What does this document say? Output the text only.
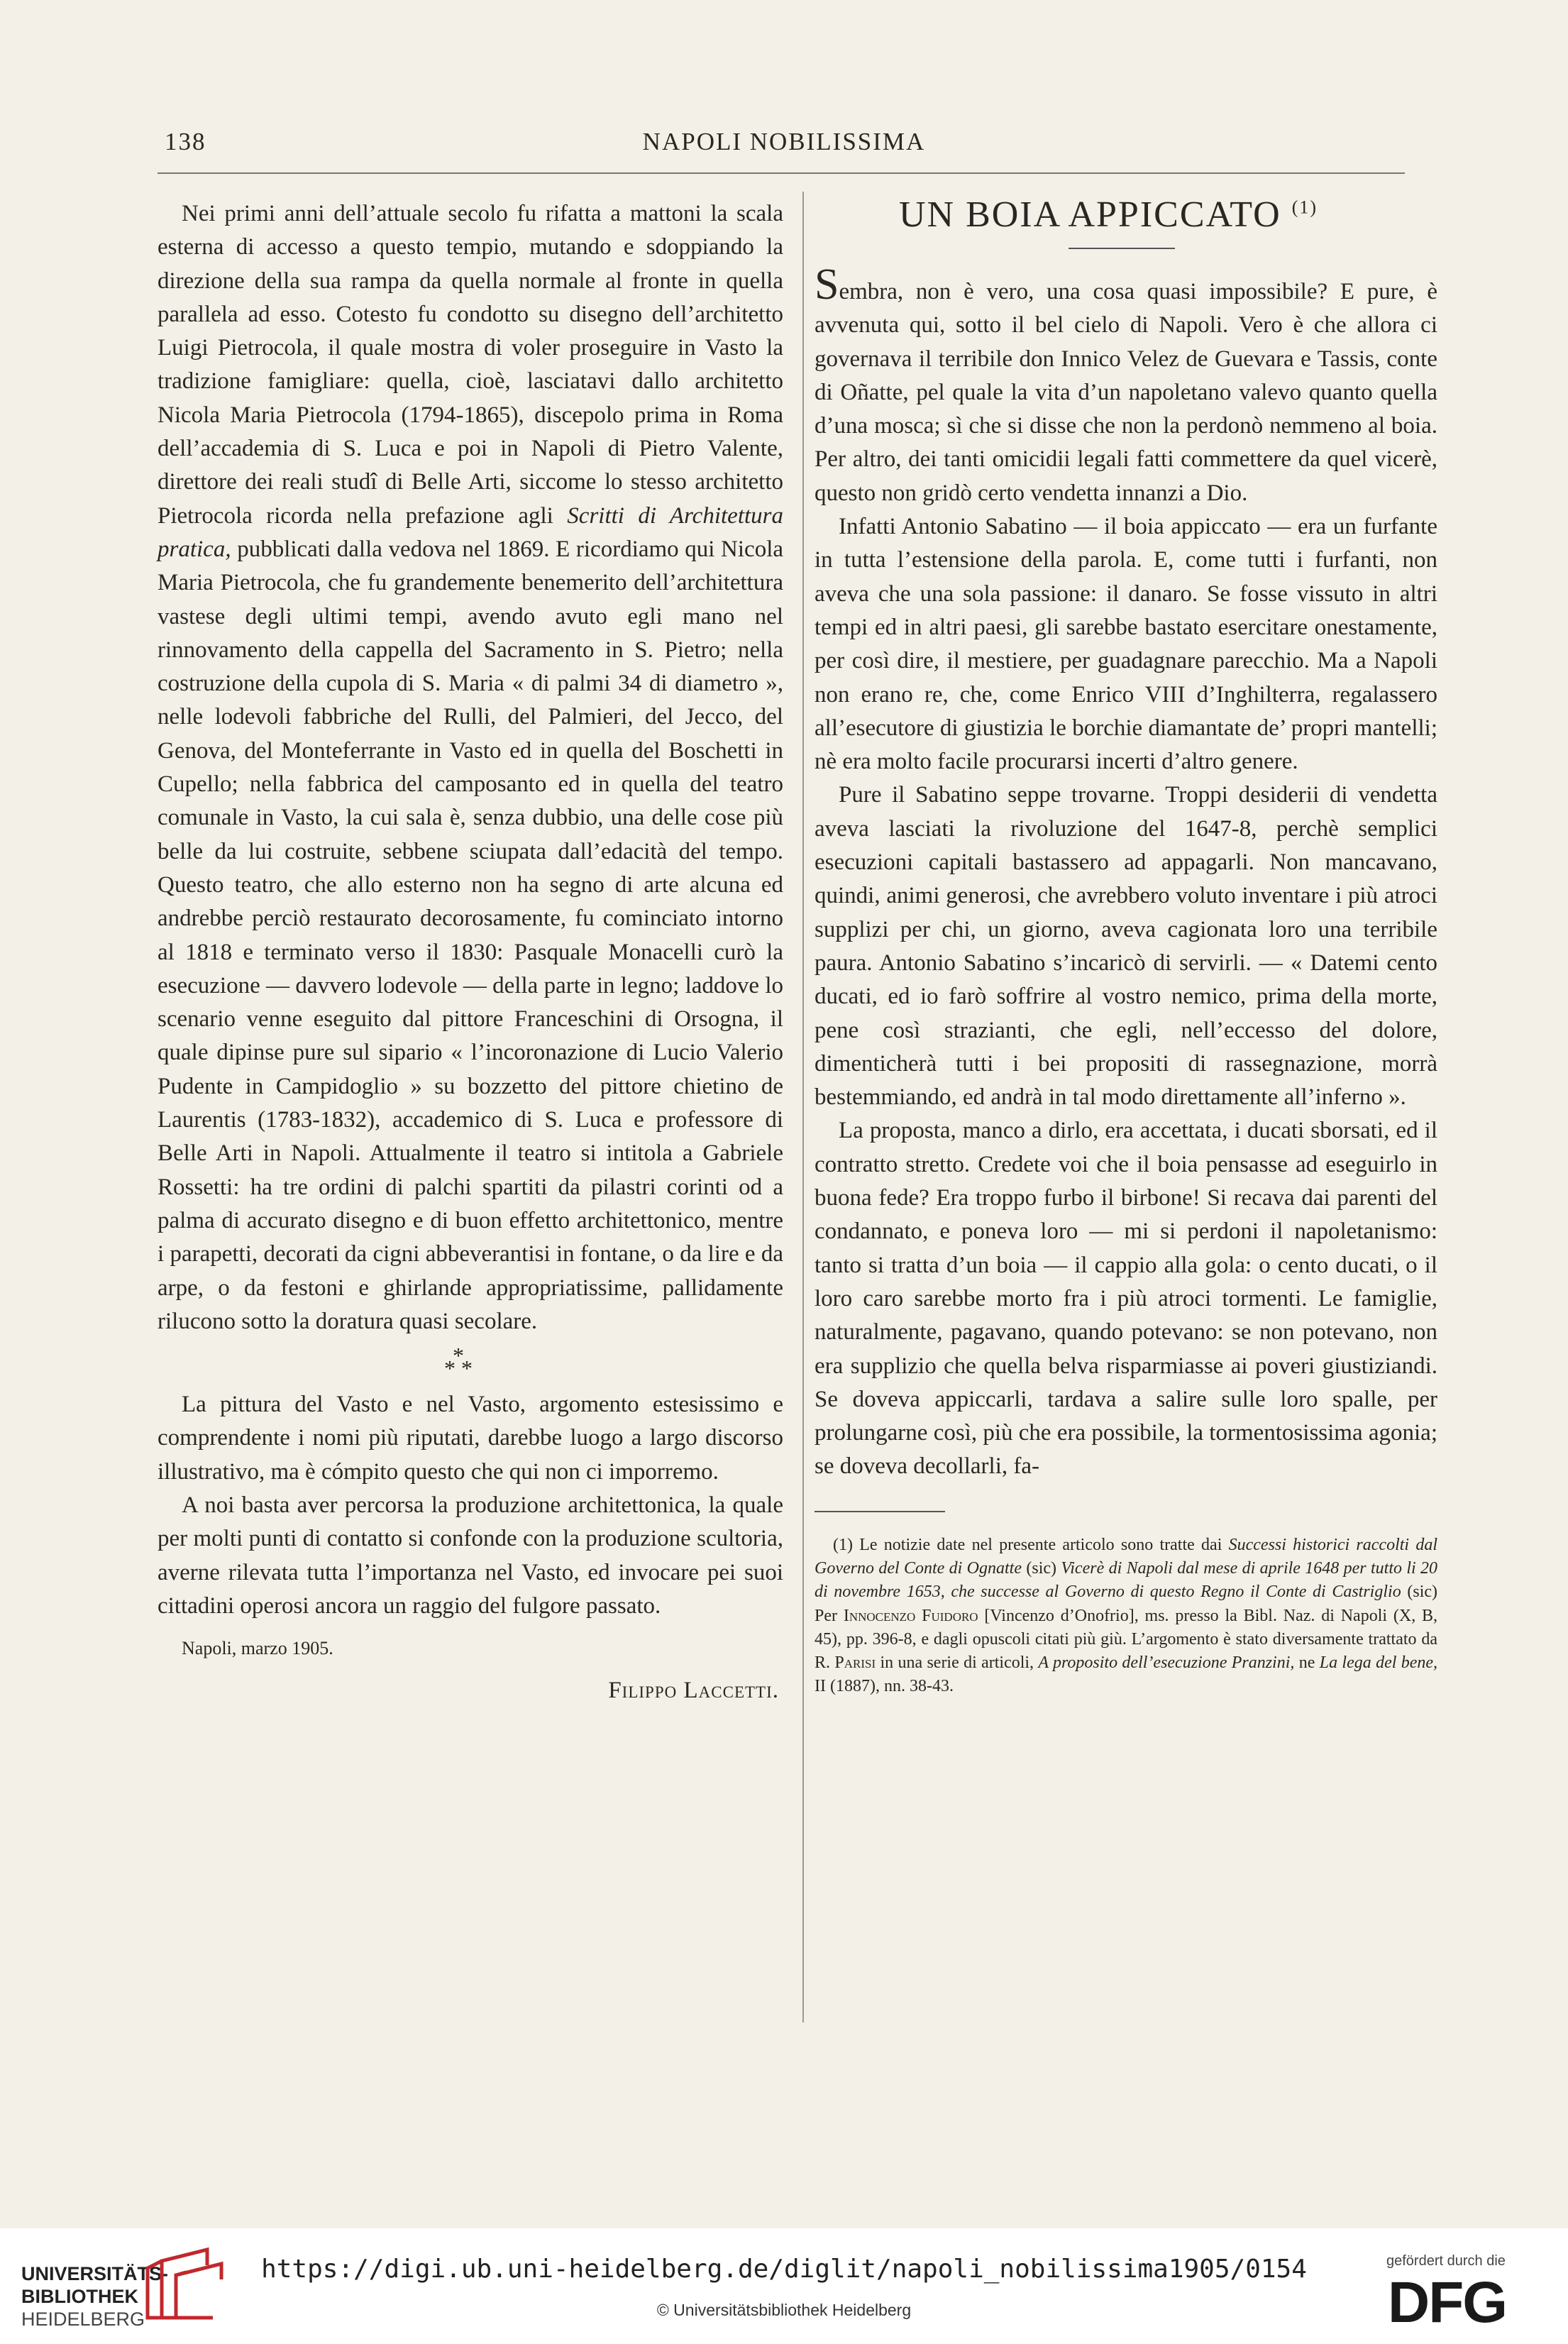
138	NAPOLI NOBILISSIMA

Nei primi anni dell’attuale secolo fu rifatta a mattoni la scala esterna di accesso a questo tempio, mutando e sdoppiando la direzione della sua rampa da quella normale al fronte in quella parallela ad esso. Cotesto fu condotto su disegno dell’architetto Luigi Pietrocola, il quale mostra di voler proseguire in Vasto la tradizione famigliare: quella, cioè, lasciatavi dallo architetto Nicola Maria Pietrocola (1794-1865), discepolo prima in Roma dell’accademia di S. Luca e poi in Napoli di Pietro Valente, direttore dei reali studî di Belle Arti, siccome lo stesso architetto Pietrocola ricorda nella prefazione agli Scritti di Architettura pratica, pubblicati dalla vedova nel 1869. E ricordiamo qui Nicola Maria Pietrocola, che fu grandemente benemerito dell’architettura vastese degli ultimi tempi, avendo avuto egli mano nel rinnovamento della cappella del Sacramento in S. Pietro; nella costruzione della cupola di S. Maria « di palmi 34 di diametro », nelle lodevoli fabbriche del Rulli, del Palmieri, del Jecco, del Genova, del Monteferrante in Vasto ed in quella del Boschetti in Cupello; nella fabbrica del camposanto ed in quella del teatro comunale in Vasto, la cui sala è, senza dubbio, una delle cose più belle da lui costruite, sebbene sciupata dall’edacità del tempo. Questo teatro, che allo esterno non ha segno di arte alcuna ed andrebbe perciò restaurato decorosamente, fu cominciato intorno al 1818 e terminato verso il 1830: Pasquale Monacelli curò la esecuzione — davvero lodevole — della parte in legno; laddove lo scenario venne eseguito dal pittore Franceschini di Orsogna, il quale dipinse pure sul sipario « l’incoronazione di Lucio Valerio Pudente in Campidoglio » su bozzetto del pittore chietino de Laurentis (1783-1832), accademico di S. Luca e professore di Belle Arti in Napoli. Attualmente il teatro si intitola a Gabriele Rossetti: ha tre ordini di palchi spartiti da pilastri corinti od a palma di accurato disegno e di buon effetto architettonico, mentre i parapetti, decorati da cigni abbeverantisi in fontane, o da lire e da arpe, o da festoni e ghirlande appropriatissime, pallidamente rilucono sotto la doratura quasi secolare.

*
* *

La pittura del Vasto e nel Vasto, argomento estesissimo e comprendente i nomi più riputati, darebbe luogo a largo discorso illustrativo, ma è cómpito questo che qui non ci imporremo.

A noi basta aver percorsa la produzione architettonica, la quale per molti punti di contatto si confonde con la produzione scultoria, averne rilevata tutta l’importanza nel Vasto, ed invocare pei suoi cittadini operosi ancora un raggio del fulgore passato.

Napoli, marzo 1905.
Filippo Laccetti.
UN BOIA APPICCATO $^{(1)}$

Sembra, non è vero, una cosa quasi impossibile? E pure, è avvenuta qui, sotto il bel cielo di Napoli. Vero è che allora ci governava il terribile don Innico Velez de Guevara e Tassis, conte di Oñatte, pel quale la vita d’un napoletano valevo quanto quella d’una mosca; sì che si disse che non la perdonò nemmeno al boia. Per altro, dei tanti omicidii legali fatti commettere da quel vicerè, questo non gridò certo vendetta innanzi a Dio.

Infatti Antonio Sabatino — il boia appiccato — era un furfante in tutta l’estensione della parola. E, come tutti i furfanti, non aveva che una sola passione: il danaro. Se fosse vissuto in altri tempi ed in altri paesi, gli sarebbe bastato esercitare onestamente, per così dire, il mestiere, per guadagnare parecchio. Ma a Napoli non erano re, che, come Enrico VIII d’Inghilterra, regalassero all’esecutore di giustizia le borchie diamantate de’ propri mantelli; nè era molto facile procurarsi incerti d’altro genere.

Pure il Sabatino seppe trovarne. Troppi desiderii di vendetta aveva lasciati la rivoluzione del 1647-8, perchè semplici esecuzioni capitali bastassero ad appagarli. Non mancavano, quindi, animi generosi, che avrebbero voluto inventare i più atroci supplizi per chi, un giorno, aveva cagionata loro una terribile paura. Antonio Sabatino s’incaricò di servirli. — « Datemi cento ducati, ed io farò soffrire al vostro nemico, prima della morte, pene così strazianti, che egli, nell’eccesso del dolore, dimenticherà tutti i bei propositi di rassegnazione, morrà bestemmiando, ed andrà in tal modo direttamente all’inferno ».

La proposta, manco a dirlo, era accettata, i ducati sborsati, ed il contratto stretto. Credete voi che il boia pensasse ad eseguirlo in buona fede? Era troppo furbo il birbone! Si recava dai parenti del condannato, e poneva loro — mi si perdoni il napoletanismo: tanto si tratta d’un boia — il cappio alla gola: o cento ducati, o il loro caro sarebbe morto fra i più atroci tormenti. Le famiglie, naturalmente, pagavano, quando potevano: se non potevano, non era supplizio che quella belva risparmiasse ai poveri giustiziandi. Se doveva appiccarli, tardava a salire sulle loro spalle, per prolungarne così, più che era possibile, la tormentosissima agonia; se doveva decollarli, fa-

(1) Le notizie date nel presente articolo sono tratte dai Successi historici raccolti dal Governo del Conte di Ognatte (sic) Vicerè di Napoli dal mese di aprile 1648 per tutto li 20 di novembre 1653, che successe al Governo di questo Regno il Conte di Castriglio (sic) Per Innocenzo Fuidoro [Vincenzo d’Onofrio], ms. presso la Bibl. Naz. di Napoli (X, B, 45), pp. 396-8, e dagli opuscoli citati più giù. L’argomento è stato diversamente trattato da R. Parisi in una serie di articoli, A proposito dell’esecuzione Pranzini, ne La lega del bene, II (1887), nn. 38-43.

UNIVERSITÄTS-
BIBLIOTHEK
HEIDELBERG
https://digi.ub.uni-heidelberg.de/diglit/napoli_nobilissima1905/0154
© Universitätsbibliothek Heidelberg
gefördert durch die
DFG
